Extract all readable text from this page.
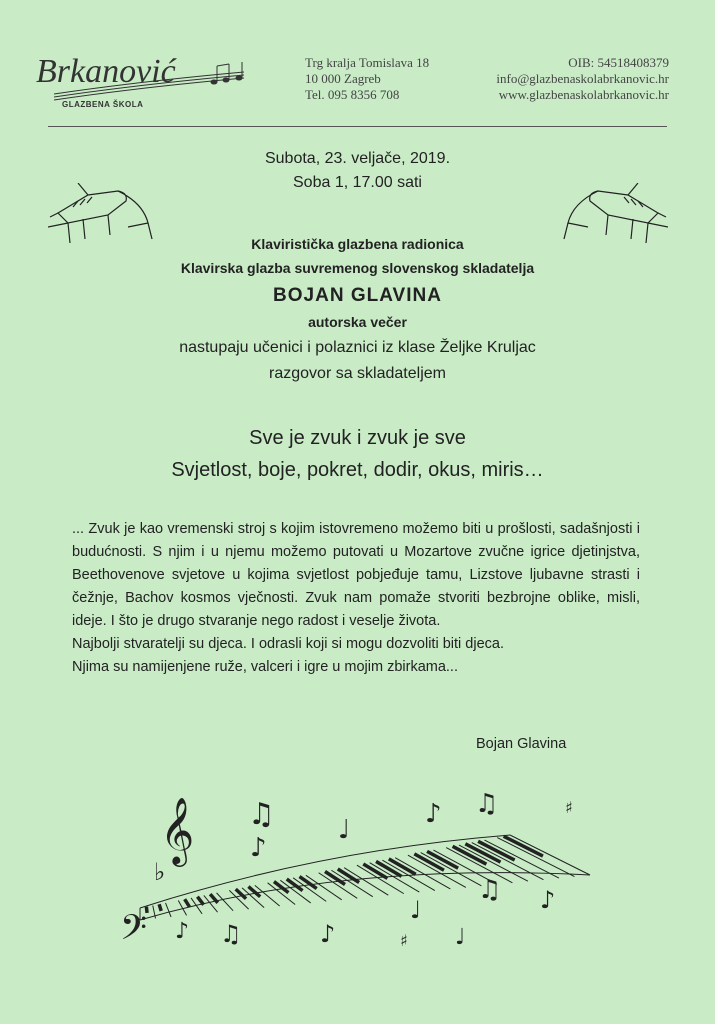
Brkanović
GLAZBENA ŠKOLA
Trg kralja Tomislava 18
10 000 Zagreb
Tel. 095 8356 708
OIB: 54518408379
info@glazbenaskolabrkanovic.hr
www.glazbenaskolabrkanovic.hr
Subota, 23. veljače, 2019.
Soba 1, 17.00 sati
Klaviristička glazbena radionica
Klavirska glazba suvremenog slovenskog skladatelja
BOJAN GLAVINA
autorska večer
nastupaju učenici i polaznici iz klase Željke Kruljac
razgovor sa skladateljem
Sve je zvuk i zvuk je sve
Svjetlost, boje, pokret, dodir, okus, miris…

... Zvuk je kao vremenski stroj s kojim istovremeno možemo biti u prošlosti, sadašnjosti i budućnosti. S njim i u njemu možemo putovati u Mozartove zvučne igrice djetinjstva, Beethovenove svjetove u kojima svjetlost pobjeđuje tamu, Lizstove ljubavne strasti i čežnje, Bachov kosmos vječnosti. Zvuk nam pomaže stvoriti bezbrojne oblike, misli, ideje. I što je drugo stvaranje nego radost i veselje života.

Najbolji stvaratelji su djeca. I odrasli koji si mogu dozvoliti biti djeca.

Njima su namijenjene ruže, valceri i igre u mojim zbirkama...

Bojan Glavina
𝄞
𝄢
♭
♯
♯
♫
♪
♩
♪ ♫
♫ ♪
♩
♩
♫
♪	♪
